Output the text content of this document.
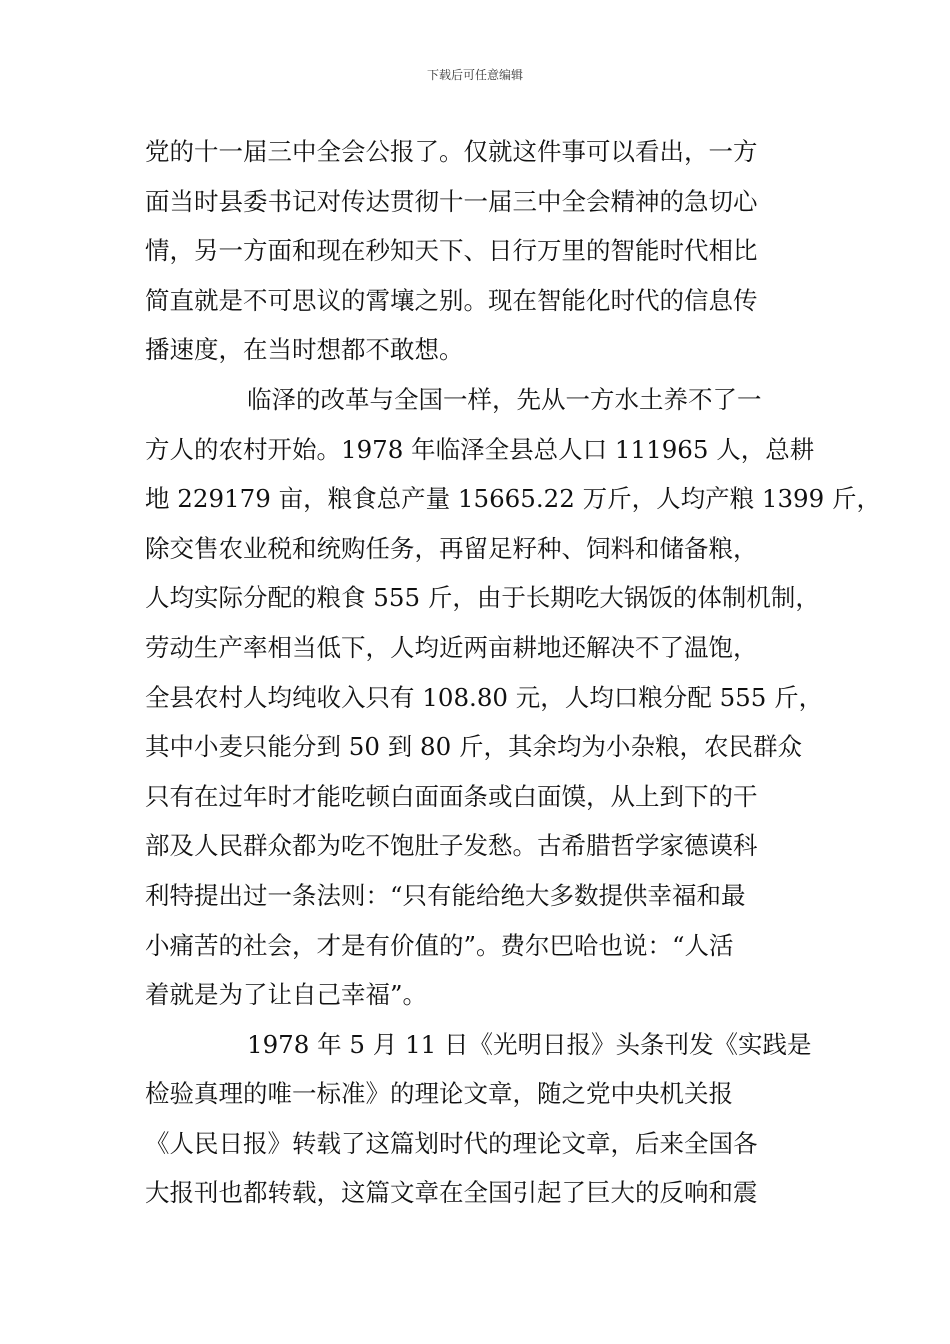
下载后可任意编辑
党的十一届三中全会公报了。仅就这件事可以看出，一方
面当时县委书记对传达贯彻十一届三中全会精神的急切心
情，另一方面和现在秒知天下、日行万里的智能时代相比
简直就是不可思议的霄壤之别。现在智能化时代的信息传
播速度，在当时想都不敢想。
临泽的改革与全国一样，先从一方水土养不了一
方人的农村开始。1978 年临泽全县总人口 111965 人，总耕
地 229179 亩，粮食总产量 15665.22 万斤，人均产粮 1399 斤，
除交售农业税和统购任务，再留足籽种、饲料和储备粮，
人均实际分配的粮食 555 斤，由于长期吃大锅饭的体制机制，
劳动生产率相当低下，人均近两亩耕地还解决不了温饱，
全县农村人均纯收入只有 108.80 元，人均口粮分配 555 斤，
其中小麦只能分到 50 到 80 斤，其余均为小杂粮，农民群众
只有在过年时才能吃顿白面面条或白面馍，从上到下的干
部及人民群众都为吃不饱肚子发愁。古希腊哲学家德谟科
利特提出过一条法则：“只有能给绝大多数提供幸福和最
小痛苦的社会，才是有价值的”。费尔巴哈也说：“人活
着就是为了让自己幸福”。
1978 年 5 月 11 日《光明日报》头条刊发《实践是
检验真理的唯一标准》的理论文章，随之党中央机关报
《人民日报》转载了这篇划时代的理论文章，后来全国各
大报刊也都转载，这篇文章在全国引起了巨大的反响和震
